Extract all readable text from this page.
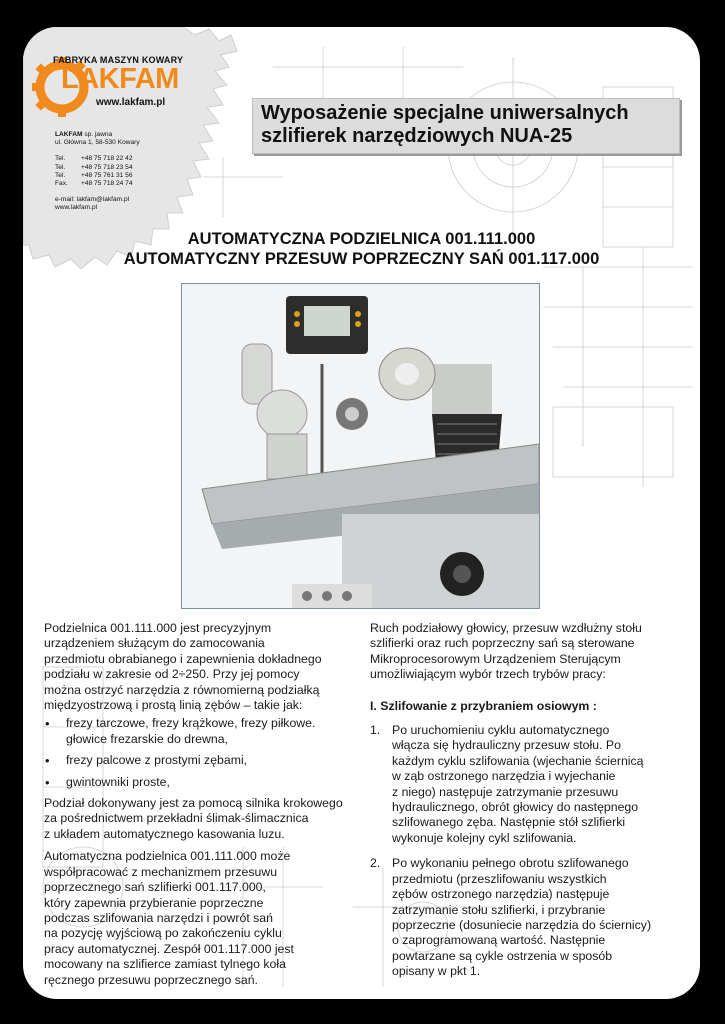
FABRYKA MASZYN KOWARY
LAKFAM
www.lakfam.pl
LAKFAM sp. jawna
ul. Główna 1, 58-530 Kowary
Tel.	+48 75 718 22 42
Tel.	+48 75 718 23 54
Tel.	+48 75 761 31 56
Fax.	+48 75 718 24 74
e-mail: lakfam@lakfam.pl
www.lakfam.pl
Wyposażenie specjalne uniwersalnych
szlifierek narzędziowych NUA-25
AUTOMATYCZNA PODZIELNICA 001.111.000
AUTOMATYCZNY PRZESUW POPRZECZNY SAŃ 001.117.000

Podzielnica 001.111.000 jest precyzyjnym
urządzeniem służącym do zamocowania
przedmiotu obrabianego i zapewnienia dokładnego
podziału w zakresie od 2÷250. Przy jej pomocy
można ostrzyć narzędzia z równomierną podziałką
międzyostrzową i prostą linią zębów – takie jak:

• frezy tarczowe, frezy krążkowe, frezy piłkowe.
głowice frezarskie do drewna,
• frezy palcowe z prostymi zębami,
• gwintowniki proste,

Podział dokonywany jest za pomocą silnika krokowego
za pośrednictwem przekładni ślimak-ślimacznica
z układem automatycznego kasowania luzu.

Automatyczna podzielnica 001.111.000 może
współpracować z mechanizmem przesuwu
poprzecznego sań szlifierki 001.117.000,
który zapewnia przybieranie poprzeczne
podczas szlifowania narzędzi i powrót sań
na pozycję wyjściową po zakończeniu cyklu
pracy automatycznej. Zespół 001.117.000 jest
mocowany na szlifierce zamiast tylnego koła
ręcznego przesuwu poprzecznego sań.

Ruch podziałowy głowicy, przesuw wzdłużny stołu
szlifierki oraz ruch poprzeczny sań są sterowane
Mikroprocesorowym Urządzeniem Sterującym
umożliwiającym wybór trzech trybów pracy:

I. Szlifowanie z przybraniem osiowym :
1. Po uruchomieniu cyklu automatycznego
włącza się hydrauliczny przesuw stołu. Po
każdym cyklu szlifowania (wjechanie ściernicą
w ząb ostrzonego narzędzia i wyjechanie
z niego) następuje zatrzymanie przesuwu
hydraulicznego, obrót głowicy do następnego
szlifowanego zęba. Następnie stół szlifierki
wykonuje kolejny cykl szlifowania.
2. Po wykonaniu pełnego obrotu szlifowanego
przedmiotu (przeszlifowaniu wszystkich
zębów ostrzonego narzędzia) następuje
zatrzymanie stołu szlifierki, i przybranie
poprzeczne (dosuniecie narzędzia do ściernicy)
o zaprogramowaną wartość. Następnie
powtarzane są cykle ostrzenia w sposób
opisany w pkt 1.
